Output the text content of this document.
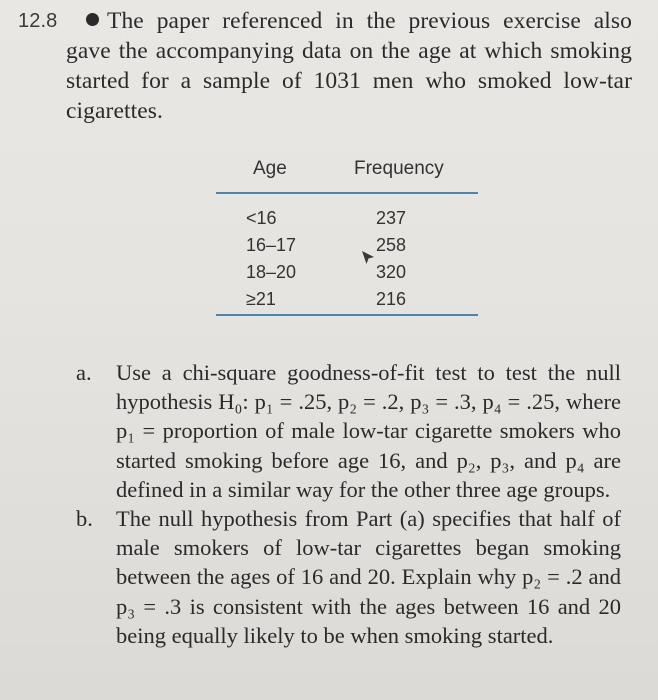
12.8 The paper referenced in the previous exercise also gave the accompanying data on the age at which smoking started for a sample of 1031 men who smoked low-tar cigarettes.
Age	Frequency
<16	237
16–17	258
18–20	320
≥21	216
a. Use a chi-square goodness-of-fit test to test the null hypothesis H₀: p₁ = .25, p₂ = .2, p₃ = .3, p₄ = .25, where p₁ = proportion of male low-tar cigarette smokers who started smoking before age 16, and p₂, p₃, and p₄ are defined in a similar way for the other three age groups.
b. The null hypothesis from Part (a) specifies that half of male smokers of low-tar cigarettes began smoking between the ages of 16 and 20. Explain why p₂ = .2 and p₃ = .3 is consistent with the ages between 16 and 20 being equally likely to be when smoking started.
